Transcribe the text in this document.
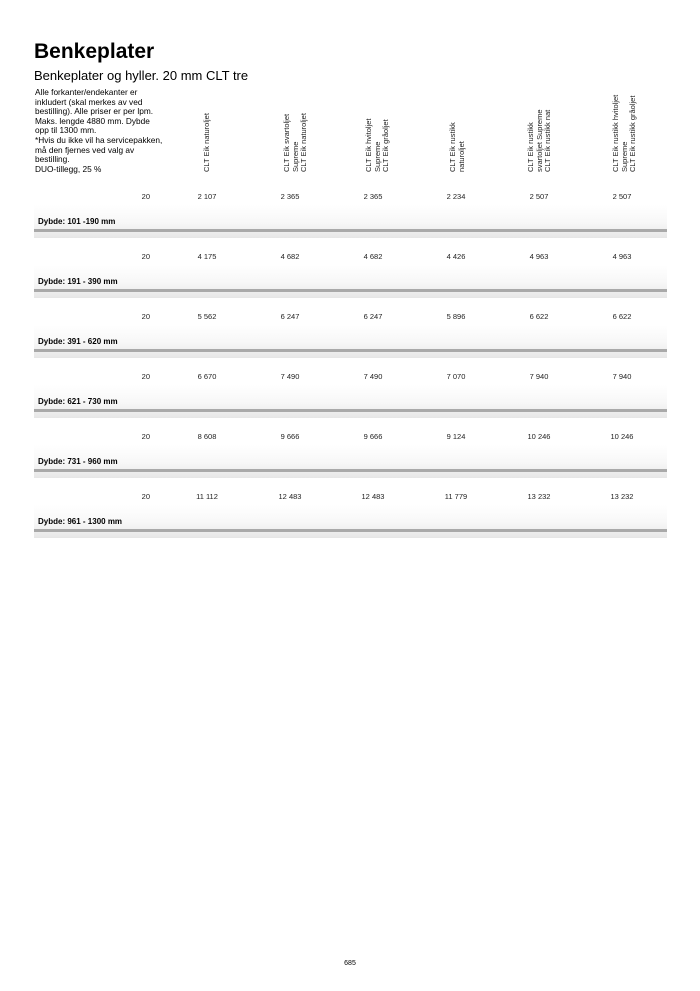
Benkeplater
Benkeplater og hyller. 20 mm CLT tre
Alle forkanter/endekanter er
inkludert (skal merkes av ved
bestilling). Alle priser er per lpm.
Maks. lengde 4880 mm. Dybde
opp til 1300 mm.
*Hvis du ikke vil ha servicepakken,
må den fjernes ved valg av
bestilling.
DUO-tillegg, 25 %	CLT Eik naturoljet	CLT Eik svartoljet Supreme CLT Eik naturoljet	CLT Eik hvitoljet Supreme CLT Eik gråoljet	CLT Eik rustikk naturoljet	CLT Eik rustikk svartoljet Supreme CLT Eik rustikk nat	CLT Eik rustikk hvitoljet Supreme CLT Eik rustikk gråoljet
20	2 107	2 365	2 365	2 234	2 507	2 507
Dybde: 101 -190 mm
20	4 175	4 682	4 682	4 426	4 963	4 963
Dybde: 191 - 390 mm
20	5 562	6 247	6 247	5 896	6 622	6 622
Dybde: 391 - 620 mm
20	6 670	7 490	7 490	7 070	7 940	7 940
Dybde: 621 - 730 mm
20	8 608	9 666	9 666	9 124	10 246	10 246
Dybde: 731 - 960 mm
20	11 112	12 483	12 483	11 779	13 232	13 232
Dybde: 961 - 1300 mm
685
